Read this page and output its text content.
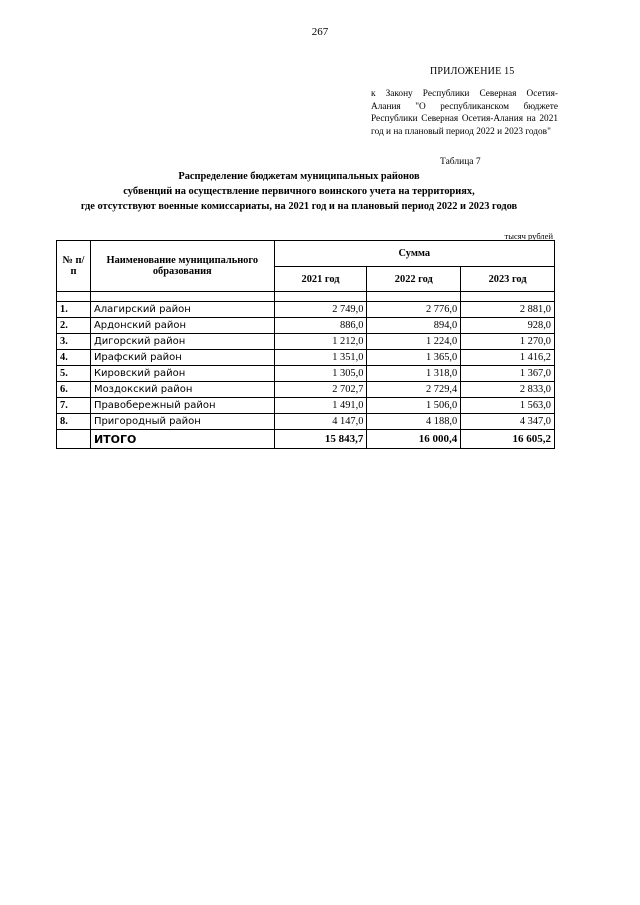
267
ПРИЛОЖЕНИЕ 15
к Закону Республики Северная Осетия-
Алания "О республиканском бюджете
Республики Северная Осетия-Алания на 2021
год и на плановый период 2022 и 2023 годов"
Таблица 7
Распределение бюджетам муниципальных районов
субвенций на осуществление первичного воинского учета на территориях,
где отсутствуют военные комиссариаты, на 2021 год и на плановый период 2022 и 2023 годов
тысяч рублей
№ п/п	Наименование муниципального образования	Сумма		
		2021 год	2022 год	2023 год

1.	Алагирский район	2 749,0	2 776,0	2 881,0
2.	Ардонский район	886,0	894,0	928,0
3.	Дигорский район	1 212,0	1 224,0	1 270,0
4.	Ирафский район	1 351,0	1 365,0	1 416,2
5.	Кировский район	1 305,0	1 318,0	1 367,0
6.	Моздокский район	2 702,7	2 729,4	2 833,0
7.	Правобережный район	1 491,0	1 506,0	1 563,0
8.	Пригородный район	4 147,0	4 188,0	4 347,0
	ИТОГО	15 843,7	16 000,4	16 605,2
